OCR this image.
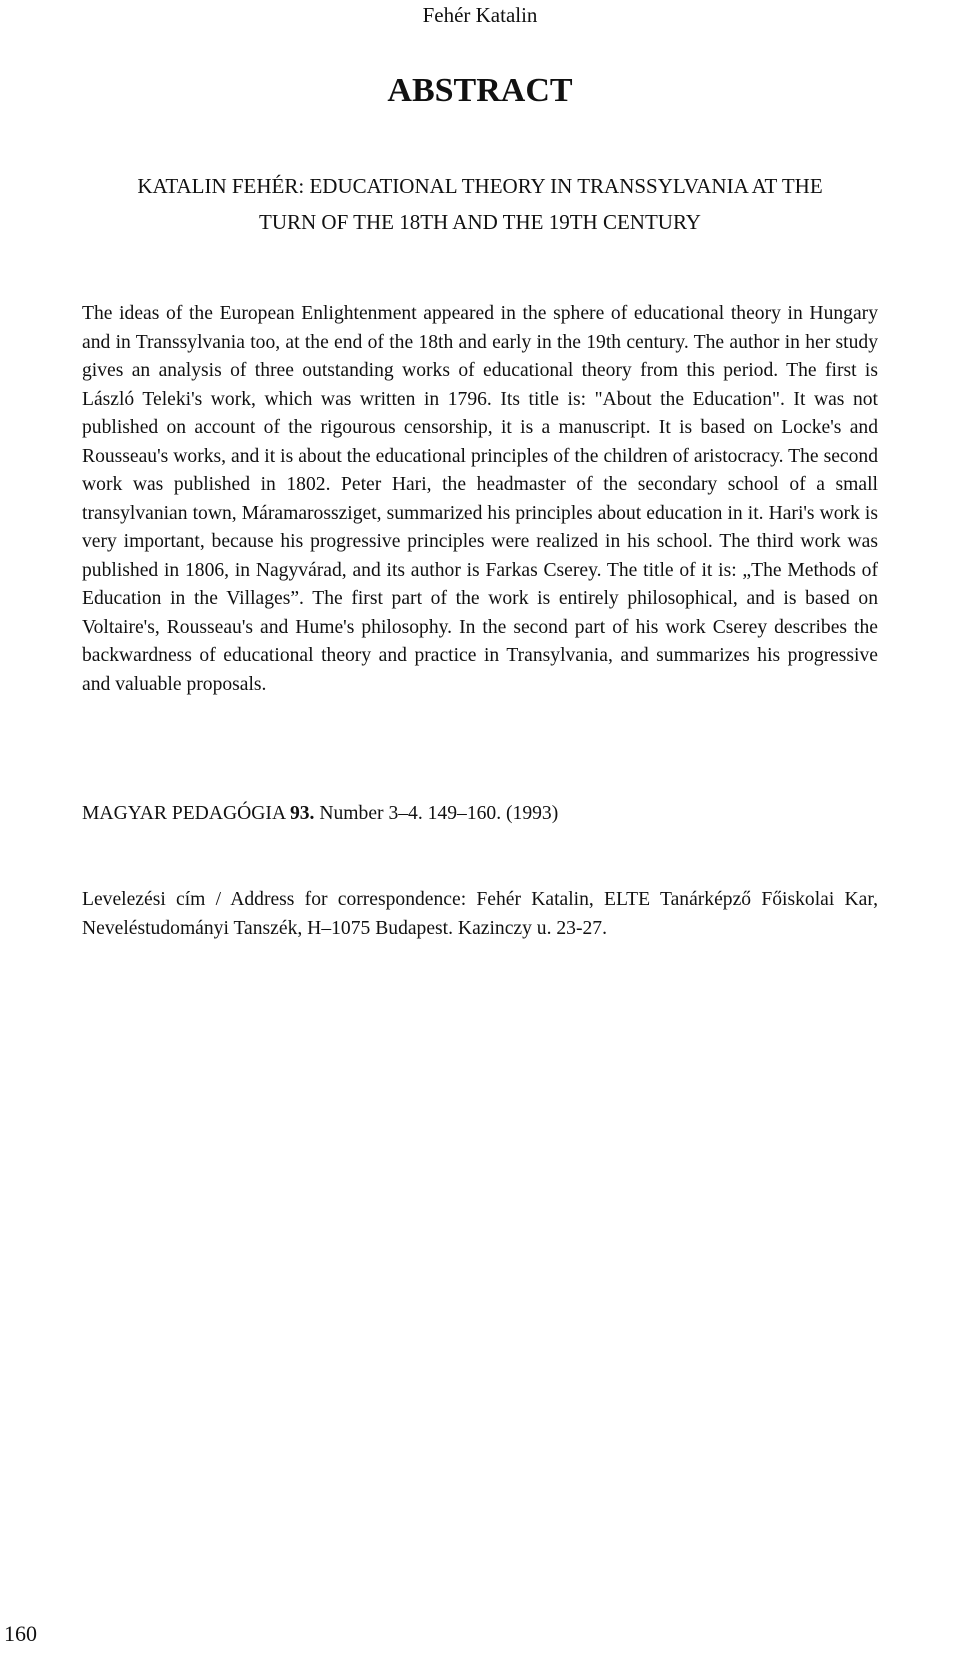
Fehér Katalin
ABSTRACT
KATALIN FEHÉR: EDUCATIONAL THEORY IN TRANSSYLVANIA AT THE
TURN OF THE 18TH AND THE 19TH CENTURY

The ideas of the European Enlightenment appeared in the sphere of educational theory in Hungary and in Transsylvania too, at the end of the 18th and early in the 19th century. The author in her study gives an analysis of three outstanding works of educational theory from this period. The first is László Teleki's work, which was written in 1796. Its title is: "About the Education". It was not published on account of the rigourous censorship, it is a manuscript. It is based on Locke's and Rousseau's works, and it is about the educational principles of the children of aristocracy. The second work was published in 1802. Peter Hari, the headmaster of the secondary school of a small transylvanian town, Máramarossziget, summarized his principles about education in it. Hari's work is very important, because his progressive principles were realized in his school. The third work was published in 1806, in Nagyvárad, and its author is Farkas Cserey. The title of it is: „The Methods of Education in the Villages”. The first part of the work is entirely philosophical, and is based on Voltaire's, Rousseau's and Hume's philosophy. In the second part of his work Cserey describes the backwardness of educational theory and practice in Transylvania, and summarizes his progressive and valuable proposals.

MAGYAR PEDAGÓGIA 93. Number 3–4. 149–160. (1993)

Levelezési cím / Address for correspondence: Fehér Katalin, ELTE Tanárképző Főiskolai Kar, Neveléstudományi Tanszék, H–1075 Budapest. Kazinczy u. 23-27.

160
